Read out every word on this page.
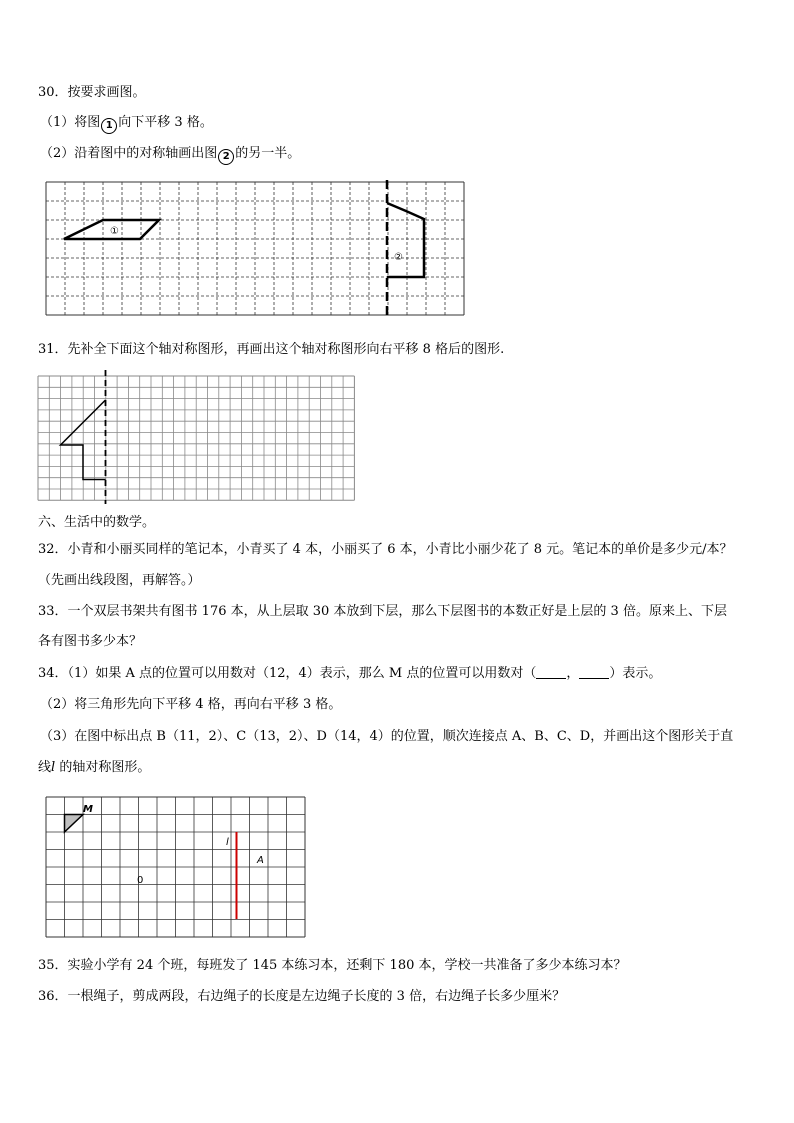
30．按要求画图。
（1）将图 1 向下平移 3 格。
（2）沿着图中的对称轴画出图 2 的另一半。
①
②
31．先补全下面这个轴对称图形，再画出这个轴对称图形向右平移 8 格后的图形.
六、生活中的数学。
32．小青和小丽买同样的笔记本，小青买了 4 本，小丽买了 6 本，小青比小丽少花了 8 元。笔记本的单价是多少元/本？
（先画出线段图，再解答。）
33．一个双层书架共有图书 176 本，从上层取 30 本放到下层，那么下层图书的本数正好是上层的 3 倍。原来上、下层
各有图书多少本？
34．（1）如果 A 点的位置可以用数对（12，4）表示，那么 M 点的位置可以用数对（ ， ）表示。
（2）将三角形先向下平移 4 格，再向右平移 3 格。
（3）在图中标出点 B（11，2）、C（13，2）、D（14，4）的位置，顺次连接点 A、B、C、D，并画出这个图形关于直
线l 的轴对称图形。
M
l
A
0
35．实验小学有 24 个班，每班发了 145 本练习本，还剩下 180 本，学校一共准备了多少本练习本？
36．一根绳子，剪成两段，右边绳子的长度是左边绳子长度的 3 倍，右边绳子长多少厘米？
